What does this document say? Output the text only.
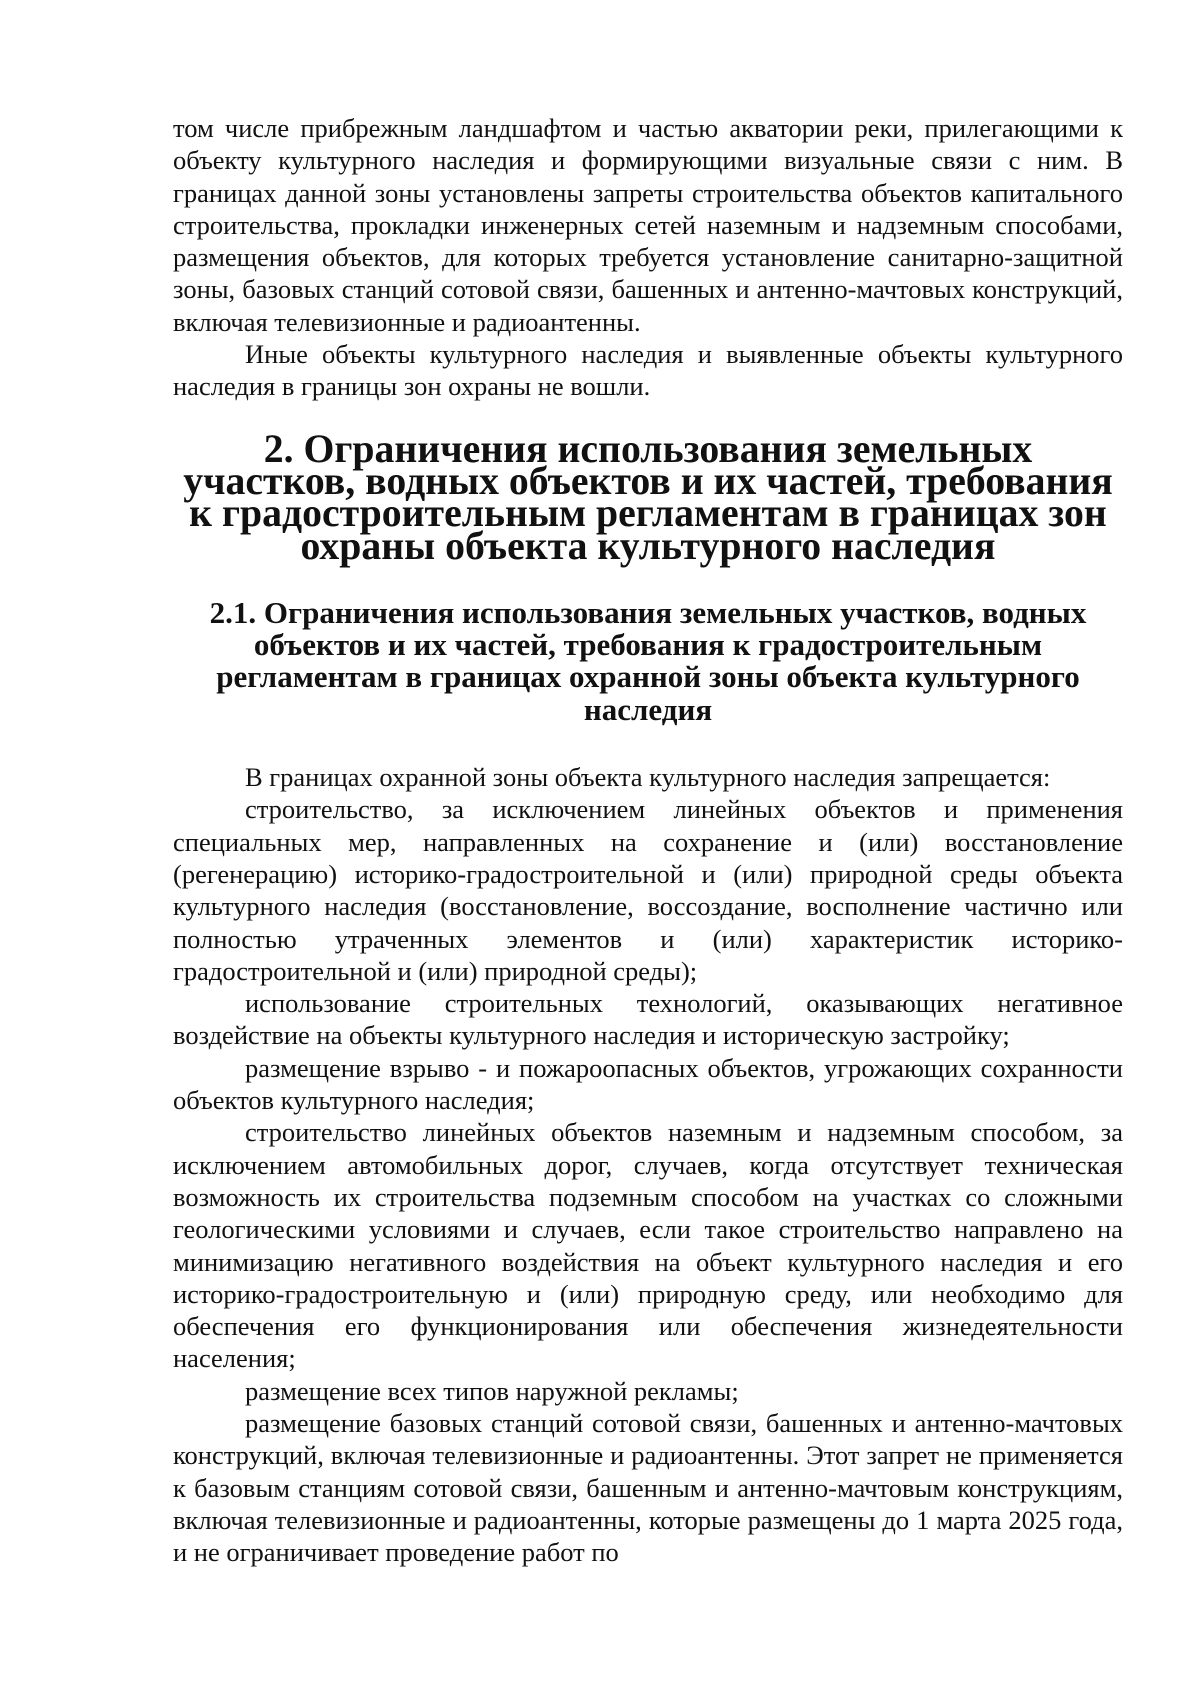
том числе прибрежным ландшафтом и частью акватории реки, прилегающими к объекту культурного наследия и формирующими визуальные связи с ним. В границах данной зоны установлены запреты строительства объектов капитального строительства, прокладки инженерных сетей наземным и надземным способами, размещения объектов, для которых требуется установление санитарно-защитной зоны, базовых станций сотовой связи, башенных и антенно-мачтовых конструкций, включая телевизионные и радиоантенны.

Иные объекты культурного наследия и выявленные объекты культурного наследия в границы зон охраны не вошли.

2. Ограничения использования земельных участков, водных объектов и их частей, требования к градостроительным регламентам в границах зон охраны объекта культурного наследия
2.1. Ограничения использования земельных участков, водных объектов и их частей, требования к градостроительным регламентам в границах охранной зоны объекта культурного наследия

В границах охранной зоны объекта культурного наследия запрещается:

строительство, за исключением линейных объектов и применения специальных мер, направленных на сохранение и (или) восстановление (регенерацию) историко-градостроительной и (или) природной среды объекта культурного наследия (восстановление, воссоздание, восполнение частично или полностью утраченных элементов и (или) характеристик историко-градостроительной и (или) природной среды);

использование строительных технологий, оказывающих негативное воздействие на объекты культурного наследия и историческую застройку;

размещение взрыво - и пожароопасных объектов, угрожающих сохранности объектов культурного наследия;

строительство линейных объектов наземным и надземным способом, за исключением автомобильных дорог, случаев, когда отсутствует техническая возможность их строительства подземным способом на участках со сложными геологическими условиями и случаев, если такое строительство направлено на минимизацию негативного воздействия на объект культурного наследия и его историко-градостроительную и (или) природную среду, или необходимо для обеспечения его функционирования или обеспечения жизнедеятельности населения;

размещение всех типов наружной рекламы;

размещение базовых станций сотовой связи, башенных и антенно-мачтовых конструкций, включая телевизионные и радиоантенны. Этот запрет не применяется к базовым станциям сотовой связи, башенным и антенно-мачтовым конструкциям, включая телевизионные и радиоантенны, которые размещены до 1 марта 2025 года, и не ограничивает проведение работ по
